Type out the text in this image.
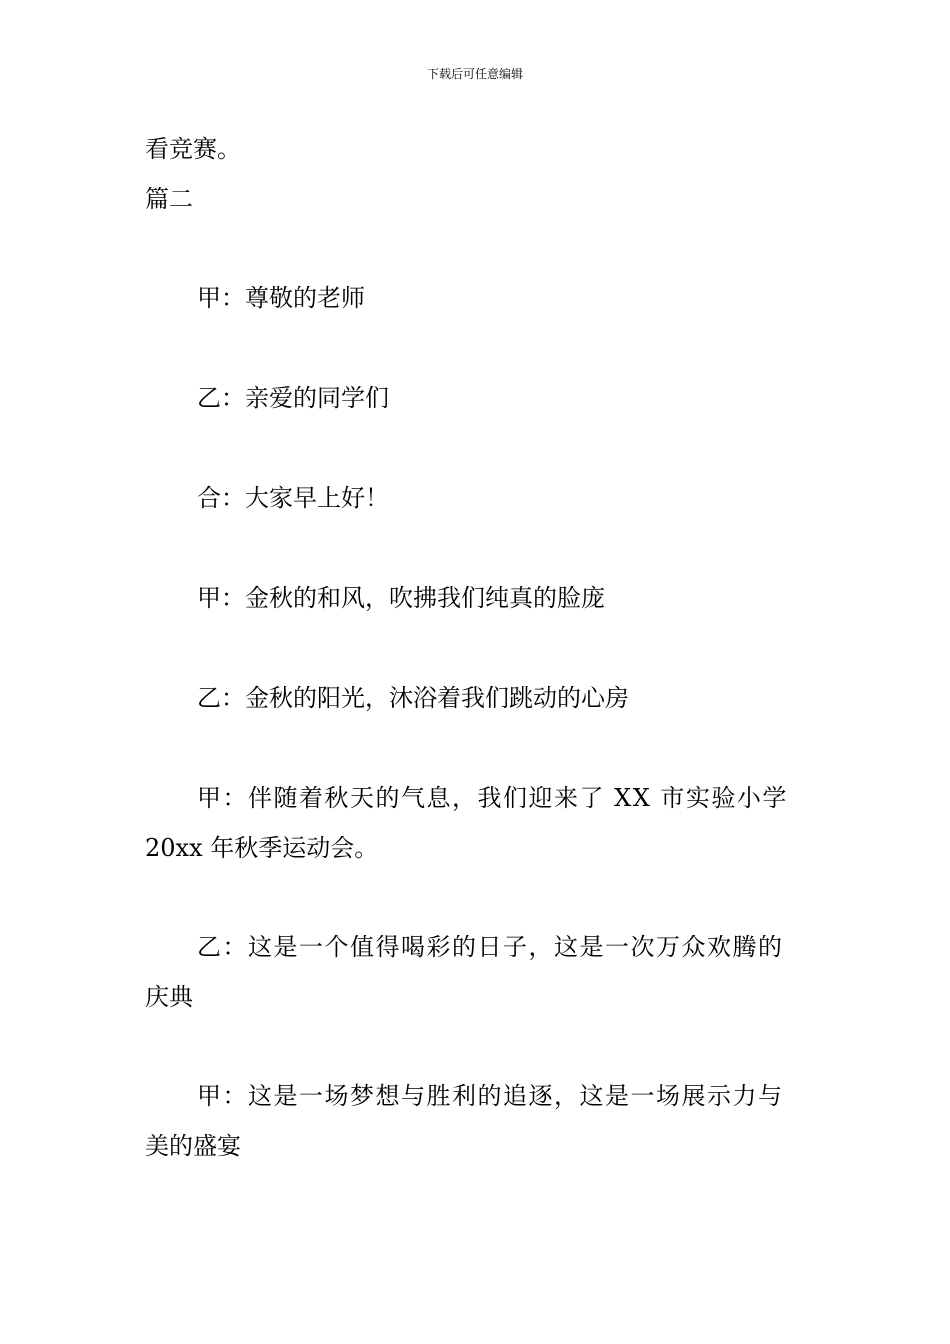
下载后可任意编辑
看竞赛。
篇二
甲：尊敬的老师
乙：亲爱的同学们
合：大家早上好！
甲：金秋的和风，吹拂我们纯真的脸庞
乙：金秋的阳光，沐浴着我们跳动的心房
甲：伴随着秋天的气息，我们迎来了 XX 市实验小学
20xx 年秋季运动会。
乙：这是一个值得喝彩的日子，这是一次万众欢腾的
庆典
甲：这是一场梦想与胜利的追逐，这是一场展示力与
美的盛宴
